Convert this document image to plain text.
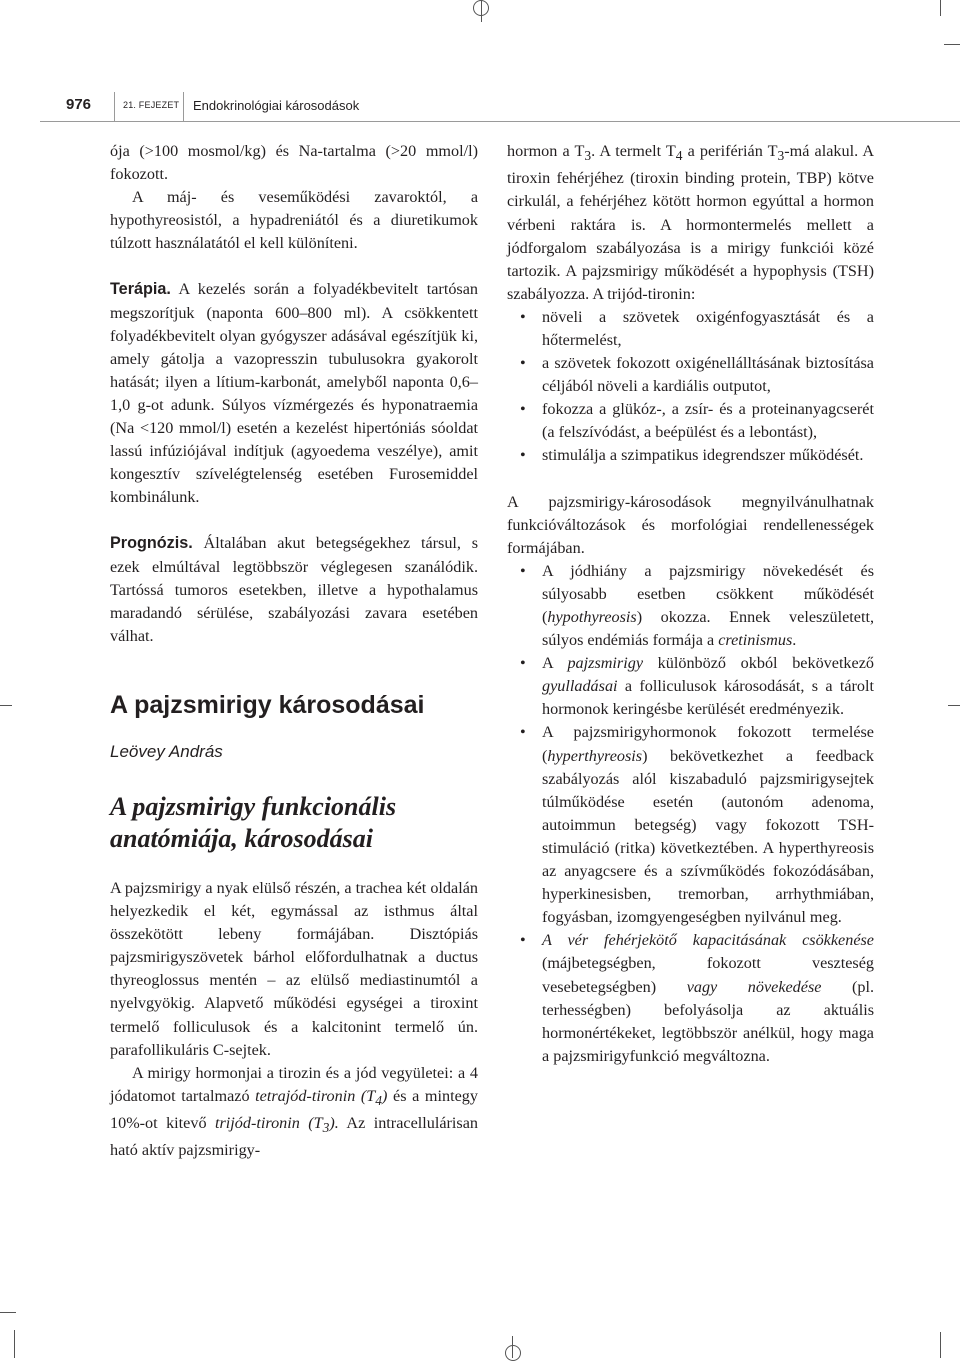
976	21. FEJEZET Endokrinológiai károsodások

ója (>100 mosmol/kg) és Na-tartalma (>20 mmol/l) fokozott.

A máj- és veseműködési zavaroktól, a hypothyreosistól, a hypadreniától és a diuretikumok túlzott használatától el kell különíteni.

Terápia. A kezelés során a folyadékbevitelt tartósan megszorítjuk (naponta 600–800 ml). A csökkentett folyadékbevitelt olyan gyógyszer adásával egészítjük ki, amely gátolja a vazopresszin tubulusokra gyakorolt hatását; ilyen a lítium-karbonát, amelyből naponta 0,6–1,0 g-ot adunk. Súlyos vízmérgezés és hyponatraemia (Na <120 mmol/l) esetén a kezelést hipertóniás sóoldat lassú infúziójával indítjuk (agyoedema veszélye), amit kongesztív szívelégtelenség esetében Furosemiddel kombinálunk.

Prognózis. Általában akut betegségekhez társul, s ezek elmúltával legtöbbször véglegesen szanálódik. Tartóssá tumoros esetekben, illetve a hypothalamus maradandó sérülése, szabályozási zavara esetében válhat.

A pajzsmirigy károsodásai

Leövey András

A pajzsmirigy funkcionális anatómiája, károsodásai

A pajzsmirigy a nyak elülső részén, a trachea két oldalán helyezkedik el két, egymással az isthmus által összekötött lebeny formájában. Disztópiás pajzsmirigyszövetek bárhol előfordulhatnak a ductus thyreoglossus mentén – az elülső mediastinumtól a nyelvgyökig. Alapvető működési egységei a tiroxint termelő folliculusok és a kalcitonint termelő ún. parafollikuláris C-sejtek.

A mirigy hormonjai a tirozin és a jód vegyületei: a 4 jódatomot tartalmazó tetrajód-tironin $(T_4)$ és a mintegy 10%-ot kitevő trijód-tironin $(T_3)$. Az intracellulárisan ható aktív pajzsmirigy-

hormon a $T_3$. A termelt $T_4$ a periférián $T_3-má$ alakul. A tiroxin fehérjéhez (tiroxin binding protein, TBP) kötve cirkulál, a fehérjéhez kötött hormon egyúttal a hormon vérbeni raktára is. A hormontermelés mellett a jódforgalom szabályozása is a mirigy funkciói közé tartozik. A pajzsmirigy működését a hypophysis (TSH) szabályozza. A trijód-tironin:

• növeli a szövetek oxigénfogyasztását és a hőtermelést,
• a szövetek fokozott oxigénellálltásának biztosítása céljából növeli a kardiális outputot,
• fokozza a glükóz-, a zsír- és a proteinanyagcserét (a felszívódást, a beépülést és a lebontást),
• stimulálja a szimpatikus idegrendszer működését.

A pajzsmirigy-károsodások megnyilvánulhatnak funkcióváltozások és morfológiai rendellenességek formájában.

• A jódhiány a pajzsmirigy növekedését és súlyosabb esetben csökkent működését (hypothyreosis) okozza. Ennek veleszületett, súlyos endémiás formája a cretinismus.
• A pajzsmirigy különböző okból bekövetkező gyulladásai a folliculusok károsodását, s a tárolt hormonok keringésbe kerülését eredményezik.
• A pajzsmirigyhormonok fokozott termelése (hyperthyreosis) bekövetkezhet a feedback szabályozás alól kiszabaduló pajzsmirigysejtek túlműködése esetén (autonóm adenoma, autoimmun betegség) vagy fokozott TSH-stimuláció (ritka) következtében. A hyperthyreosis az anyagcsere és a szívműködés fokozódásában, hyperkinesisben, tremorban, arrhythmiában, fogyásban, izomgyengeségben nyilvánul meg.
• A vér fehérjekötő kapacitásának csökkenése (májbetegségben, fokozott veszteség vesebetegségben) vagy növekedése (pl. terhességben) befolyásolja az aktuális hormonértékeket, legtöbbször anélkül, hogy maga a pajzsmirigyfunkció megváltozna.
